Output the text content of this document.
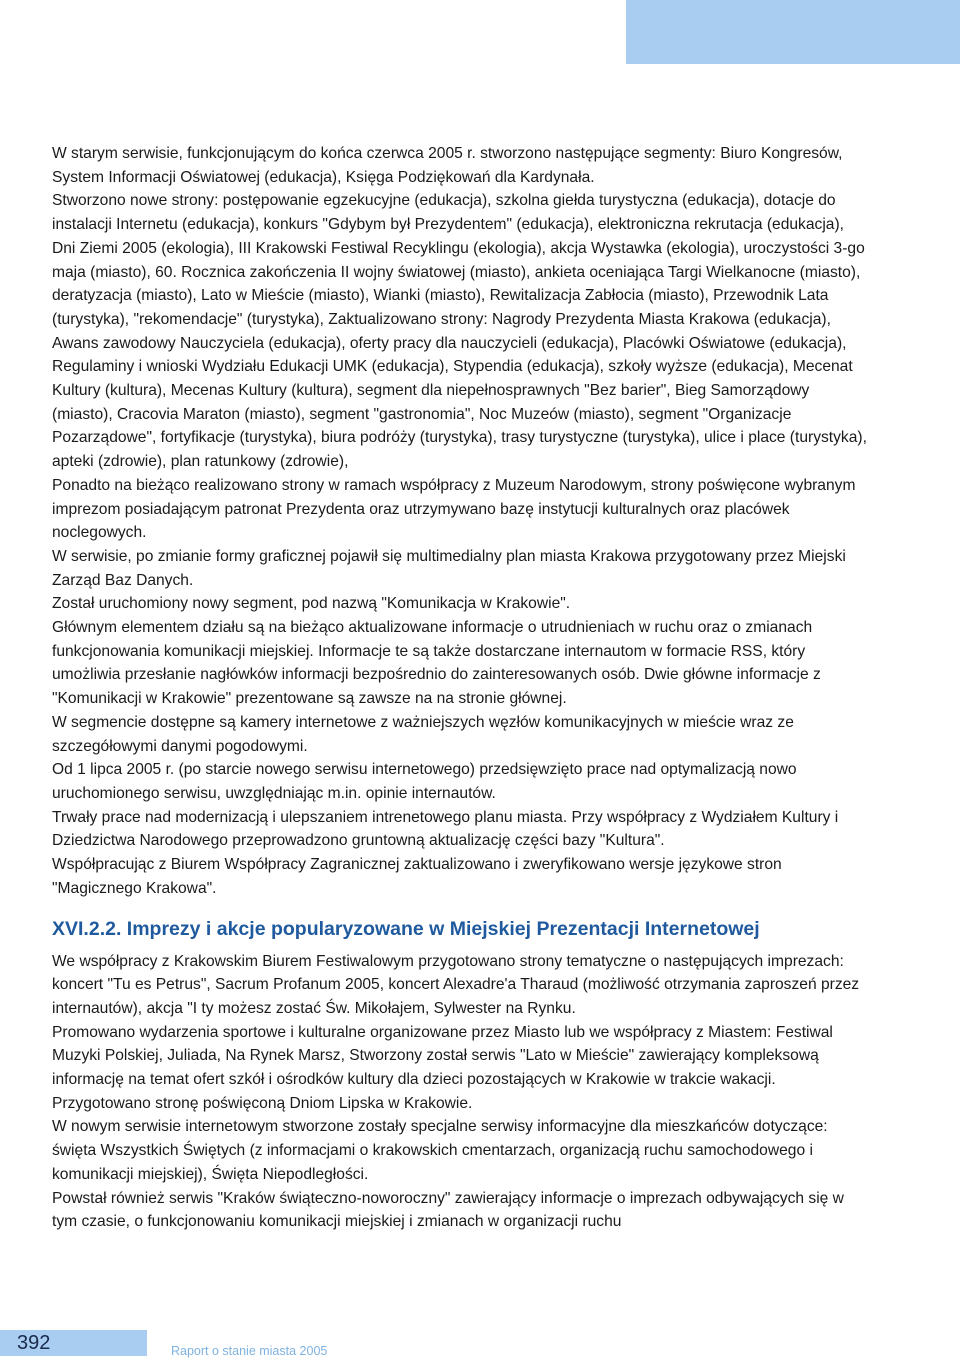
W starym serwisie, funkcjonującym do końca czerwca 2005 r. stworzono następujące segmenty: Biuro Kongresów, System Informacji Oświatowej (edukacja), Księga Podziękowań dla Kardynała.

Stworzono nowe strony: postępowanie egzekucyjne (edukacja), szkolna giełda turystyczna (edukacja), dotacje do instalacji Internetu (edukacja), konkurs "Gdybym był Prezydentem" (edukacja), elektroniczna rekrutacja (edukacja), Dni Ziemi 2005 (ekologia), III Krakowski Festiwal Recyklingu (ekologia), akcja Wystawka (ekologia), uroczystości 3-go maja (miasto), 60. Rocznica zakończenia II wojny światowej (miasto), ankieta oceniająca Targi Wielkanocne (miasto), deratyzacja (miasto), Lato w Mieście (miasto), Wianki (miasto), Rewitalizacja Zabłocia (miasto), Przewodnik Lata (turystyka), "rekomendacje" (turystyka), Zaktualizowano strony: Nagrody Prezydenta Miasta Krakowa (edukacja), Awans zawodowy Nauczyciela (edukacja), oferty pracy dla nauczycieli (edukacja), Placówki Oświatowe (edukacja), Regulaminy i wnioski Wydziału Edukacji UMK (edukacja), Stypendia (edukacja), szkoły wyższe (edukacja), Mecenat Kultury (kultura), Mecenas Kultury (kultura), segment dla niepełnosprawnych "Bez barier", Bieg Samorządowy (miasto), Cracovia Maraton (miasto), segment "gastronomia", Noc Muzeów (miasto), segment "Organizacje Pozarządowe", fortyfikacje (turystyka), biura podróży (turystyka), trasy turystyczne (turystyka), ulice i place (turystyka), apteki (zdrowie), plan ratunkowy (zdrowie),

Ponadto na bieżąco realizowano strony w ramach współpracy z Muzeum Narodowym, strony poświęcone wybranym imprezom posiadającym patronat Prezydenta oraz utrzymywano bazę instytucji kulturalnych oraz placówek noclegowych.

W serwisie, po zmianie formy graficznej pojawił się multimedialny plan miasta Krakowa przygotowany przez Miejski Zarząd Baz Danych.

Został uruchomiony nowy segment, pod nazwą "Komunikacja w Krakowie".

Głównym elementem działu są na bieżąco aktualizowane informacje o utrudnieniach w ruchu oraz o zmianach funkcjonowania komunikacji miejskiej. Informacje te są także dostarczane internautom w formacie RSS, który umożliwia przesłanie nagłówków informacji bezpośrednio do zainteresowanych osób. Dwie główne informacje z "Komunikacji w Krakowie" prezentowane są zawsze na na stronie głównej.

W segmencie dostępne są kamery internetowe z ważniejszych węzłów komunikacyjnych w mieście wraz ze szczegółowymi danymi pogodowymi.

Od 1 lipca 2005 r. (po starcie nowego serwisu internetowego) przedsięwzięto prace nad optymalizacją nowo uruchomionego serwisu, uwzględniając m.in. opinie internautów.

Trwały prace nad modernizacją i ulepszaniem intrenetowego planu miasta. Przy współpracy z Wydziałem Kultury i Dziedzictwa Narodowego przeprowadzono gruntowną aktualizację części bazy "Kultura".

Współpracując z Biurem Współpracy Zagranicznej zaktualizowano i zweryfikowano wersje językowe stron "Magicznego Krakowa".

XVI.2.2. Imprezy i akcje popularyzowane w Miejskiej Prezentacji Internetowej

We współpracy z Krakowskim Biurem Festiwalowym przygotowano strony tematyczne o następujących imprezach: koncert "Tu es Petrus", Sacrum Profanum 2005, koncert Alexadre'a Tharaud (możliwość otrzymania zaproszeń przez internautów), akcja "I ty możesz zostać Św. Mikołajem, Sylwester na Rynku.

Promowano wydarzenia sportowe i kulturalne organizowane przez Miasto lub we współpracy z Miastem: Festiwal Muzyki Polskiej, Juliada, Na Rynek Marsz, Stworzony został serwis "Lato w Mieście" zawierający kompleksową informację na temat ofert szkół i ośrodków kultury dla dzieci pozostających w Krakowie w trakcie wakacji. Przygotowano stronę poświęconą Dniom Lipska w Krakowie.

W nowym serwisie internetowym stworzone zostały specjalne serwisy informacyjne dla mieszkańców dotyczące: święta Wszystkich Świętych (z informacjami o krakowskich cmentarzach, organizacją ruchu samochodowego i komunikacji miejskiej), Święta Niepodległości.

Powstał również serwis "Kraków świąteczno-noworoczny" zawierający informacje o imprezach odbywających się w tym czasie, o funkcjonowaniu komunikacji miejskiej i zmianach w organizacji ruchu

392	Raport o stanie miasta 2005
